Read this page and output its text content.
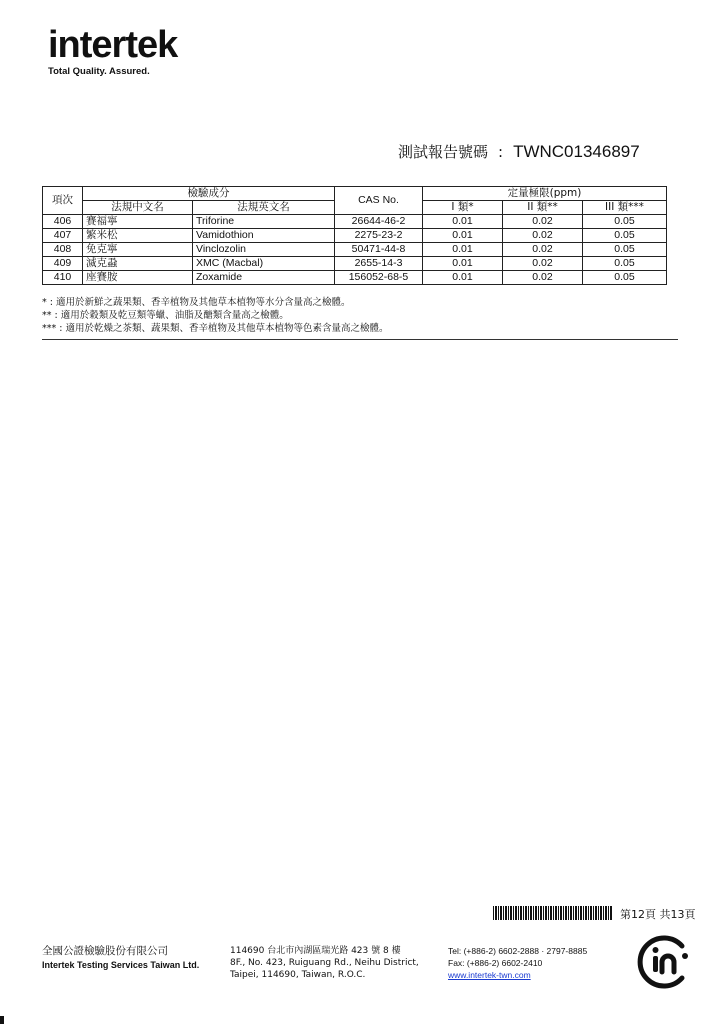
intertek
Total Quality. Assured.
測試報告號碼 : TWNC01346897
項次	檢驗成分		CAS No.	定量極限(ppm)		
	法規中文名	法規英文名		I 類*	II 類**	III 類***
406	賽福寧	Triforine	26644-46-2	0.01	0.02	0.05
407	繁米松	Vamidothion	2275-23-2	0.01	0.02	0.05
408	免克寧	Vinclozolin	50471-44-8	0.01	0.02	0.05
409	滅克蝨	XMC (Macbal)	2655-14-3	0.01	0.02	0.05
410	座賽胺	Zoxamide	156052-68-5	0.01	0.02	0.05
* : 適用於新鮮之蔬果類、香辛植物及其他草本植物等水分含量高之檢體。
** : 適用於穀類及乾豆類等蠟、油脂及醣類含量高之檢體。
*** : 適用於乾燥之茶類、蔬果類、香辛植物及其他草本植物等色素含量高之檢體。
第12頁 共13頁
全國公證檢驗股份有限公司
Intertek Testing Services Taiwan Ltd.
114690 台北市內湖區瑞光路 423 號 8 樓
8F., No. 423, Ruiguang Rd., Neihu District,
Taipei, 114690, Taiwan, R.O.C.
Tel: (+886-2) 6602-2888 · 2797-8885
Fax: (+886-2) 6602-2410
www.intertek-twn.com
